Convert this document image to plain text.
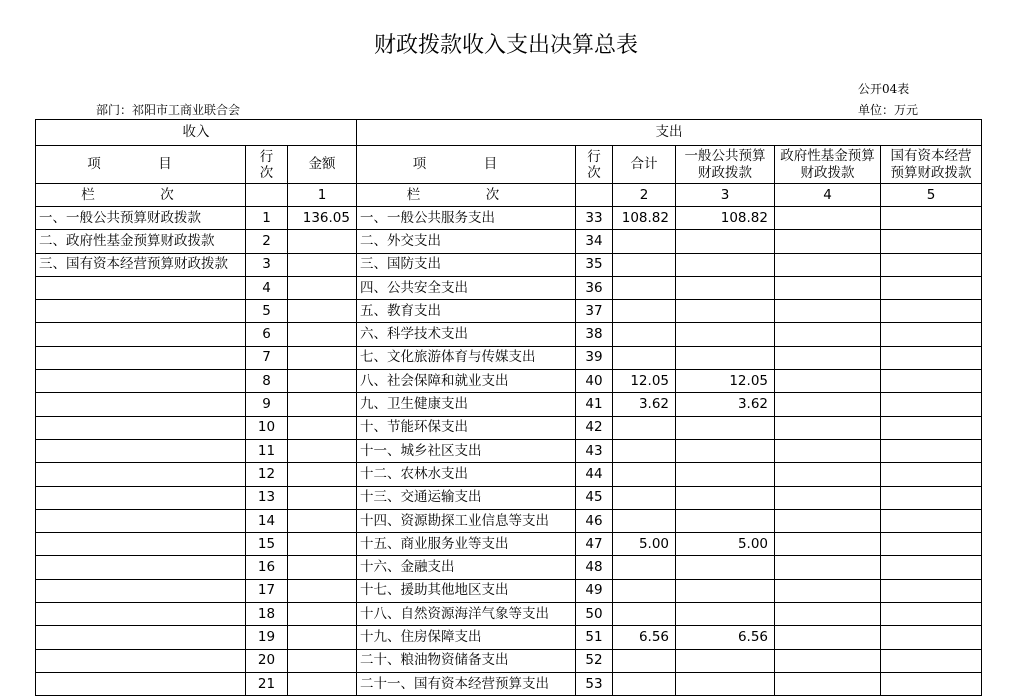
财政拨款收入支出决算总表
公开04表
部门：祁阳市工商业联合会	单位：万元
收入			支出					
项　目	行次	金额	项　目	行次	合计	一般公共预算财政拨款	政府性基金预算财政拨款	国有资本经营预算财政拨款
栏　次		1	栏　次		2	3	4	5
一、一般公共预算财政拨款	1	136.05	一、一般公共服务支出	33	108.82	108.82		
二、政府性基金预算财政拨款	2		二、外交支出	34				
三、国有资本经营预算财政拨款	3		三、国防支出	35				
	4		四、公共安全支出	36				
	5		五、教育支出	37				
	6		六、科学技术支出	38				
	7		七、文化旅游体育与传媒支出	39				
	8		八、社会保障和就业支出	40	12.05	12.05		
	9		九、卫生健康支出	41	3.62	3.62		
	10		十、节能环保支出	42				
	11		十一、城乡社区支出	43				
	12		十二、农林水支出	44				
	13		十三、交通运输支出	45				
	14		十四、资源勘探工业信息等支出	46				
	15		十五、商业服务业等支出	47	5.00	5.00		
	16		十六、金融支出	48				
	17		十七、援助其他地区支出	49				
	18		十八、自然资源海洋气象等支出	50				
	19		十九、住房保障支出	51	6.56	6.56		
	20		二十、粮油物资储备支出	52				
	21		二十一、国有资本经营预算支出	53				
